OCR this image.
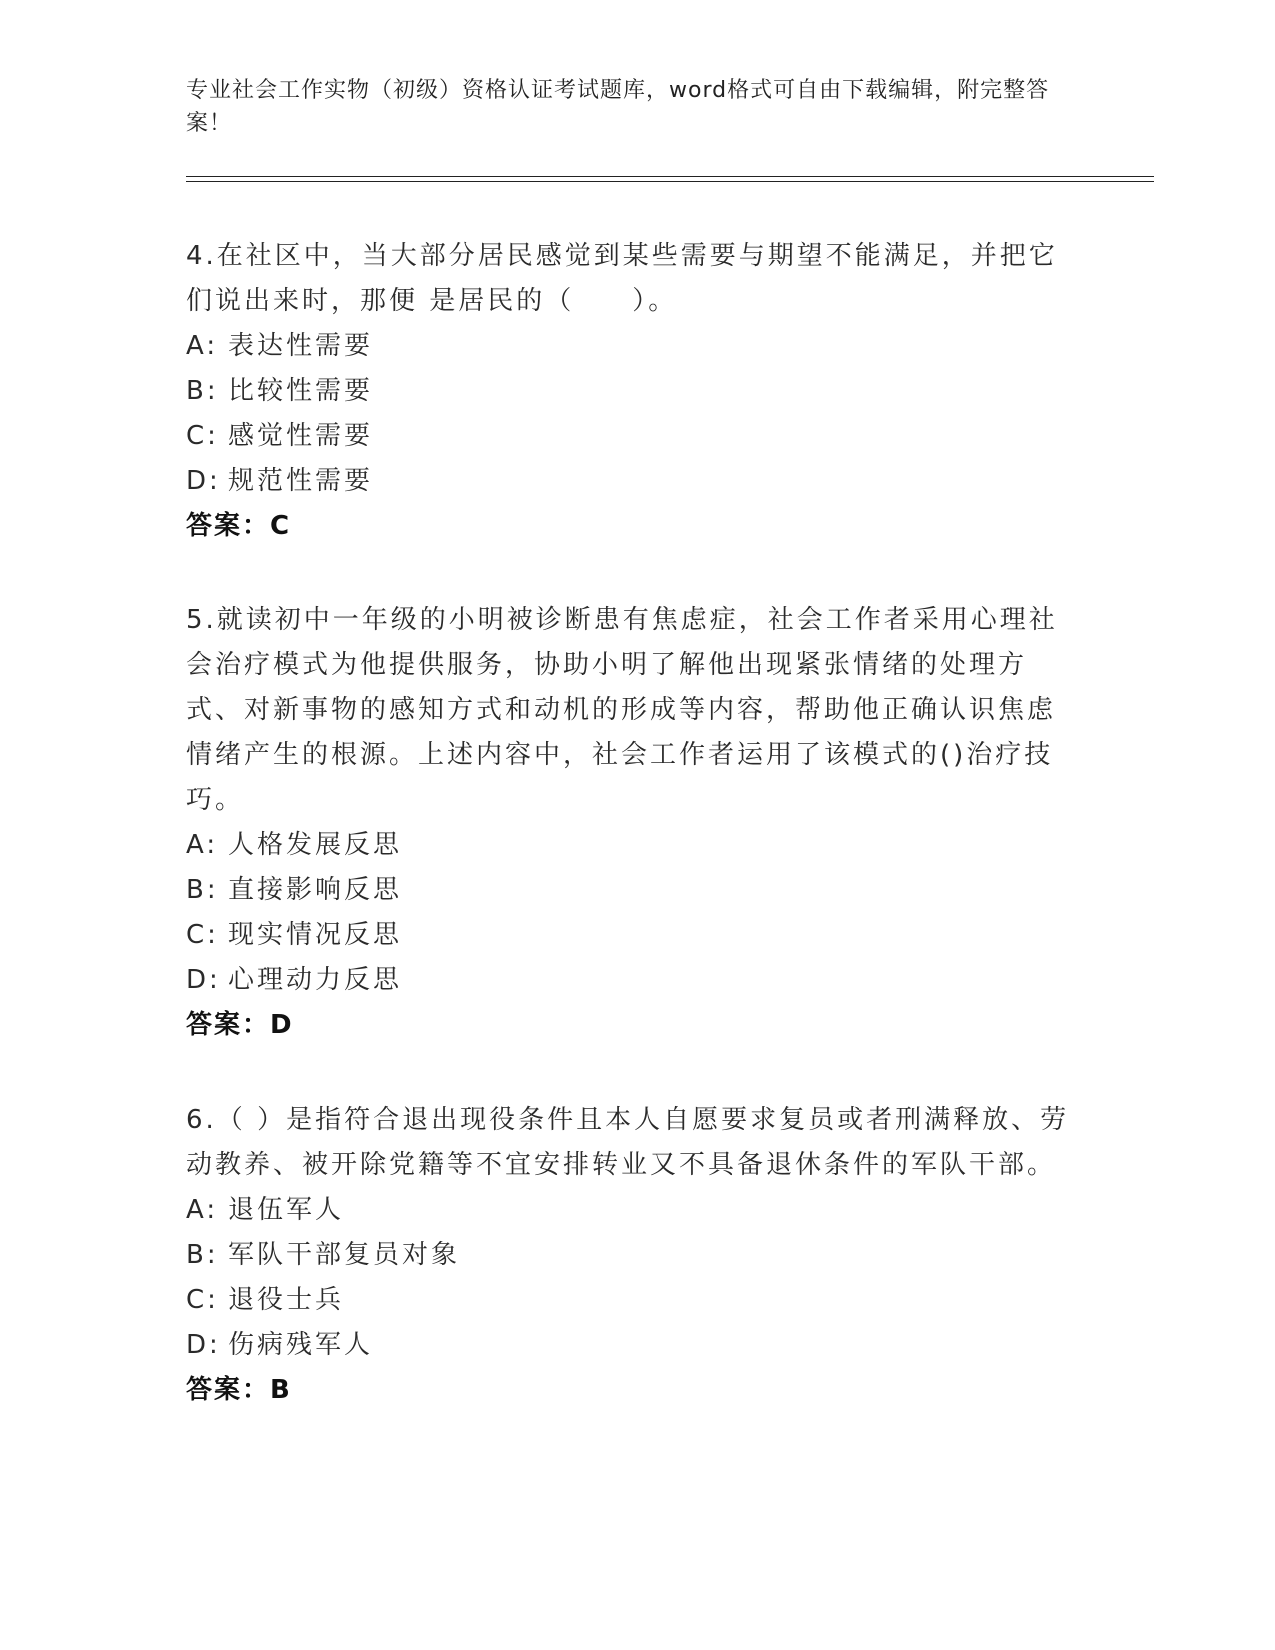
专业社会工作实物（初级）资格认证考试题库，word格式可自由下载编辑，附完整答案！
4.在社区中，当大部分居民感觉到某些需要与期望不能满足，并把它们说出来时，那便 是居民的（　　）。
A: 表达性需要
B: 比较性需要
C: 感觉性需要
D: 规范性需要
答案：C
5.就读初中一年级的小明被诊断患有焦虑症，社会工作者采用心理社会治疗模式为他提供服务，协助小明了解他出现紧张情绪的处理方式、对新事物的感知方式和动机的形成等内容，帮助他正确认识焦虑情绪产生的根源。上述内容中，社会工作者运用了该模式的()治疗技巧。
A: 人格发展反思
B: 直接影响反思
C: 现实情况反思
D: 心理动力反思
答案：D
6.（ ）是指符合退出现役条件且本人自愿要求复员或者刑满释放、劳动教养、被开除党籍等不宜安排转业又不具备退休条件的军队干部。
A: 退伍军人
B: 军队干部复员对象
C: 退役士兵
D: 伤病残军人
答案：B
